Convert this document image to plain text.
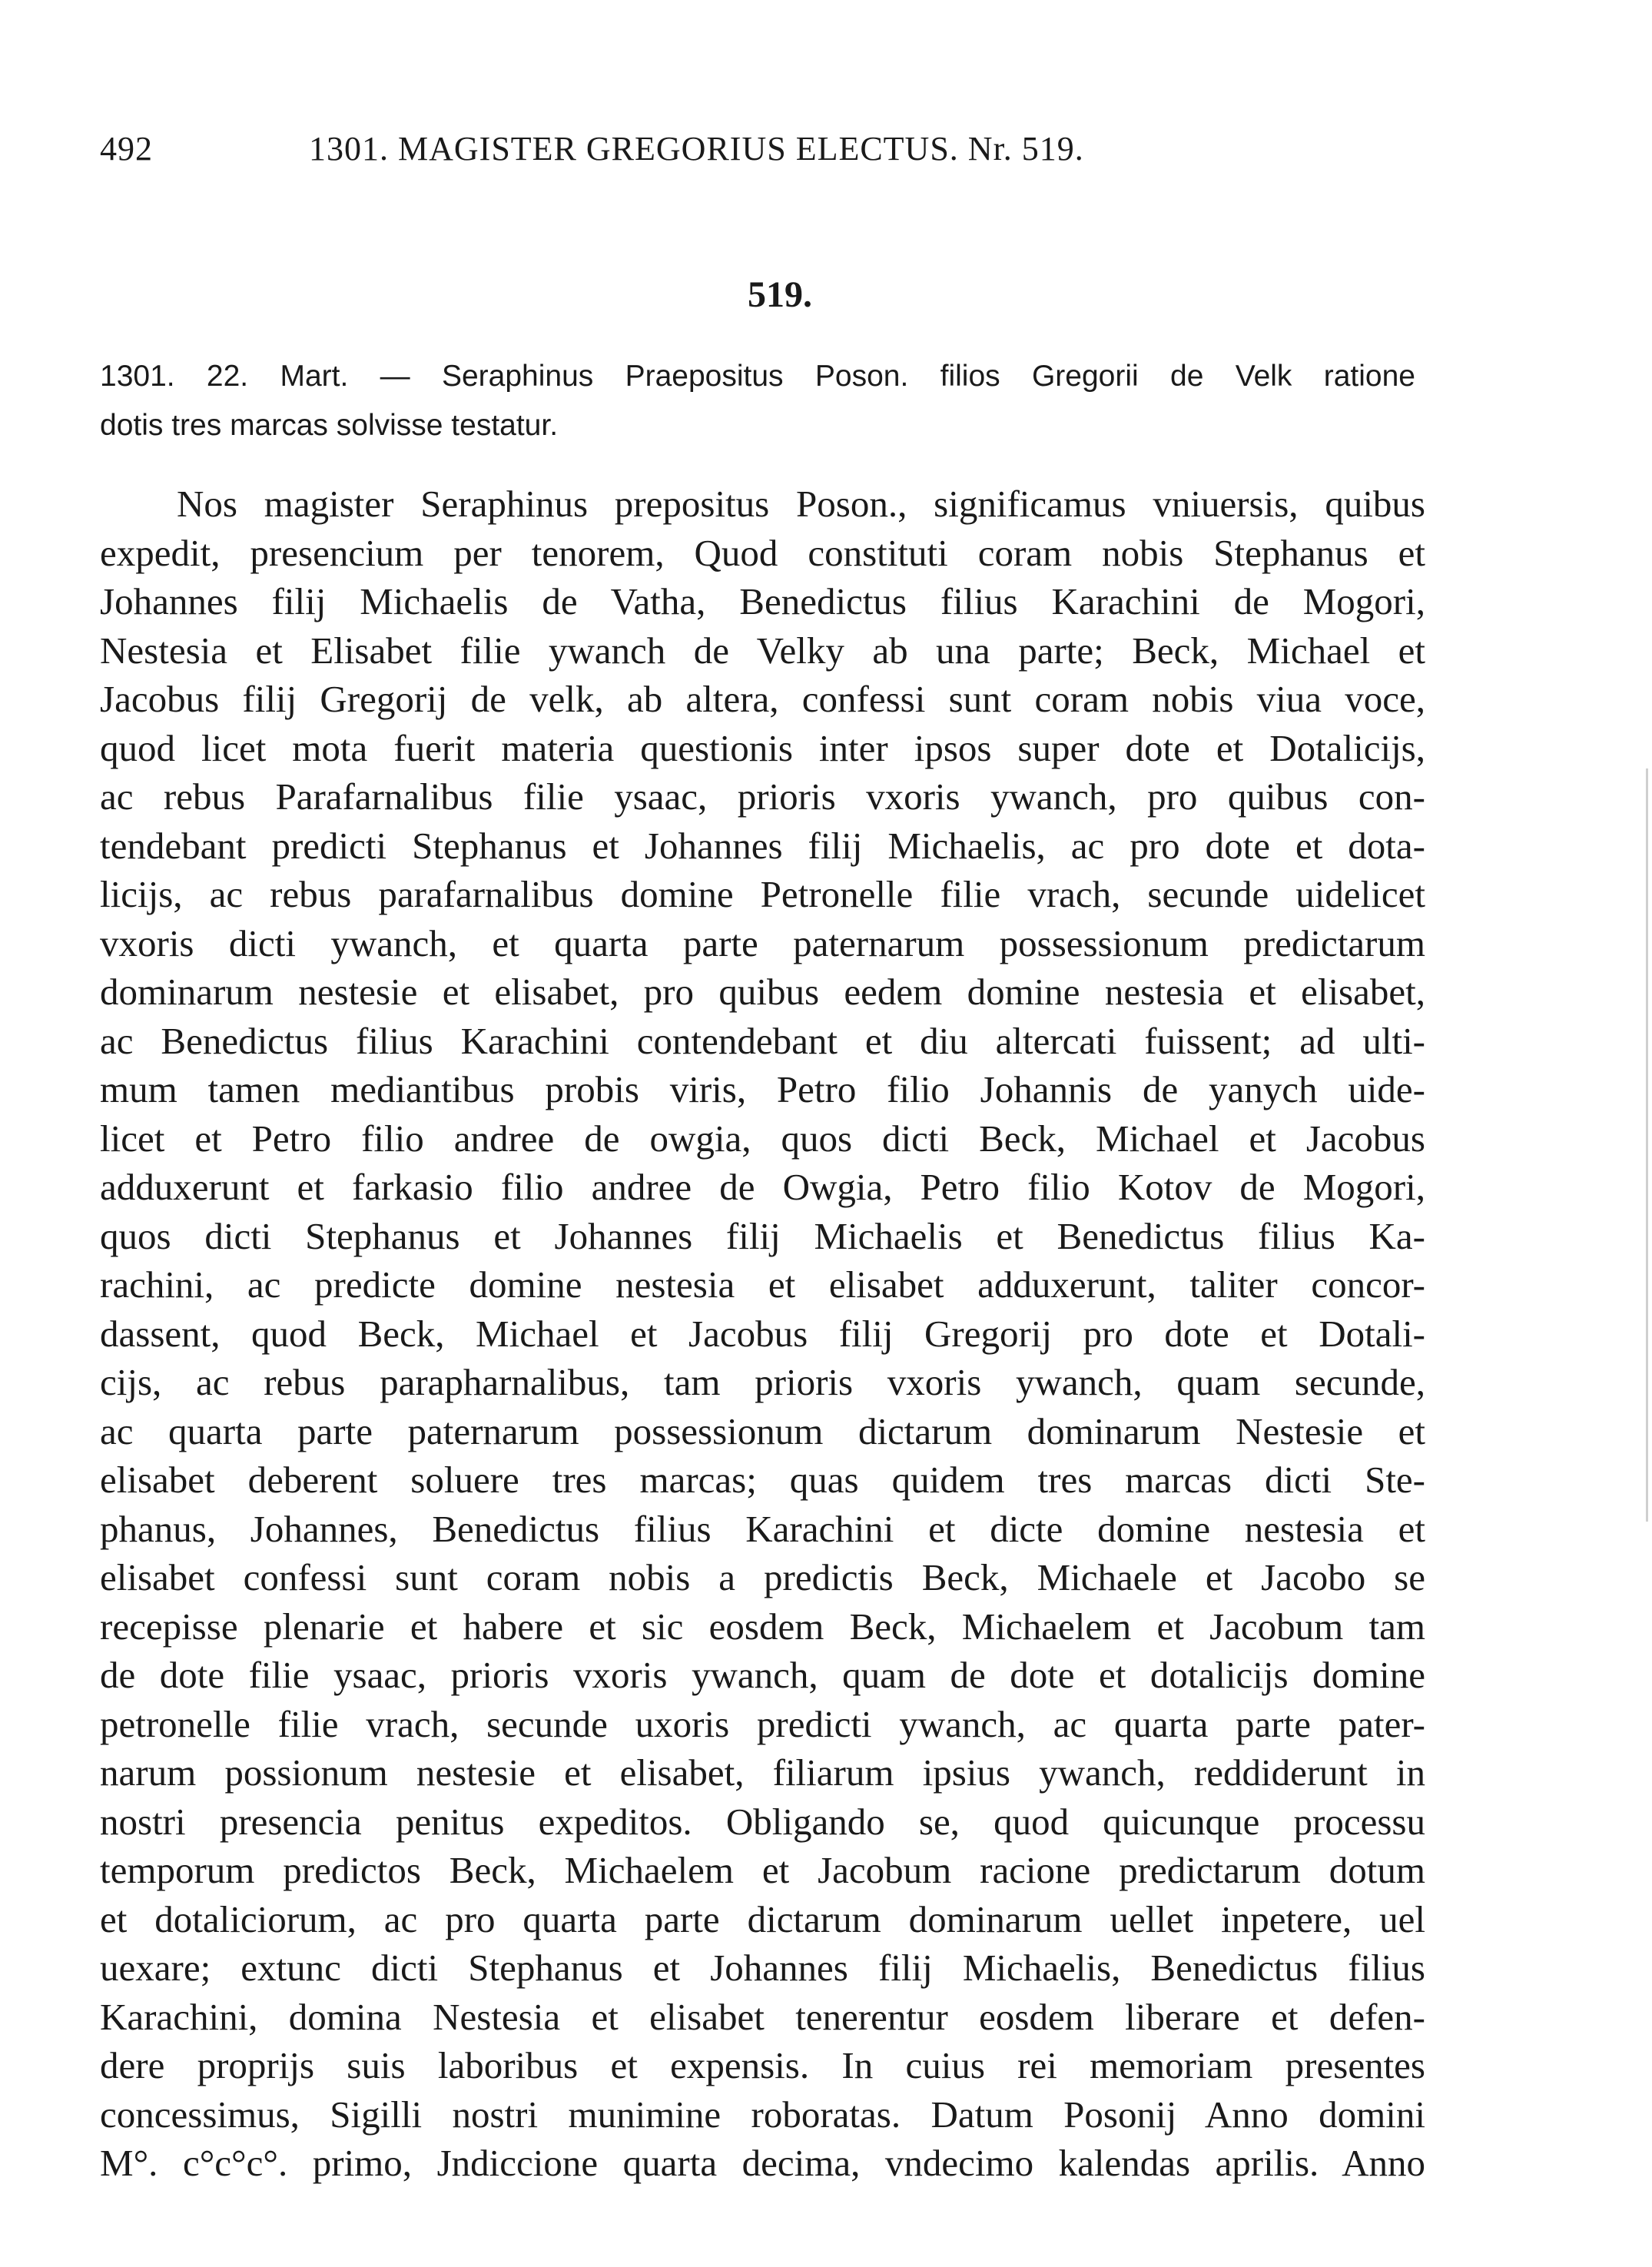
492	1301. MAGISTER GREGORIUS ELECTUS. Nr. 519.
519.
1301. 22. Mart. — Seraphinus Praepositus Poson. filios Gregorii de Velk ratione
dotis tres marcas solvisse testatur.
Nos magister Seraphinus prepositus Poson., significamus vniuersis, quibus
expedit, presencium per tenorem, Quod constituti coram nobis Stephanus et
Johannes filij Michaelis de Vatha, Benedictus filius Karachini de Mogori,
Nestesia et Elisabet filie ywanch de Velky ab una parte; Beck, Michael et
Jacobus filij Gregorij de velk, ab altera, confessi sunt coram nobis viua voce,
quod licet mota fuerit materia questionis inter ipsos super dote et Dotalicijs,
ac rebus Parafarnalibus filie ysaac, prioris vxoris ywanch, pro quibus con-
tendebant predicti Stephanus et Johannes filij Michaelis, ac pro dote et dota-
licijs, ac rebus parafarnalibus domine Petronelle filie vrach, secunde uidelicet
vxoris dicti ywanch, et quarta parte paternarum possessionum predictarum
dominarum nestesie et elisabet, pro quibus eedem domine nestesia et elisabet,
ac Benedictus filius Karachini contendebant et diu altercati fuissent; ad ulti-
mum tamen mediantibus probis viris, Petro filio Johannis de yanych uide-
licet et Petro filio andree de owgia, quos dicti Beck, Michael et Jacobus
adduxerunt et farkasio filio andree de Owgia, Petro filio Kotov de Mogori,
quos dicti Stephanus et Johannes filij Michaelis et Benedictus filius Ka-
rachini, ac predicte domine nestesia et elisabet adduxerunt, taliter concor-
dassent, quod Beck, Michael et Jacobus filij Gregorij pro dote et Dotali-
cijs, ac rebus parapharnalibus, tam prioris vxoris ywanch, quam secunde,
ac quarta parte paternarum possessionum dictarum dominarum Nestesie et
elisabet deberent soluere tres marcas; quas quidem tres marcas dicti Ste-
phanus, Johannes, Benedictus filius Karachini et dicte domine nestesia et
elisabet confessi sunt coram nobis a predictis Beck, Michaele et Jacobo se
recepisse plenarie et habere et sic eosdem Beck, Michaelem et Jacobum tam
de dote filie ysaac, prioris vxoris ywanch, quam de dote et dotalicijs domine
petronelle filie vrach, secunde uxoris predicti ywanch, ac quarta parte pater-
narum possionum nestesie et elisabet, filiarum ipsius ywanch, reddiderunt in
nostri presencia penitus expeditos. Obligando se, quod quicunque processu
temporum predictos Beck, Michaelem et Jacobum racione predictarum dotum
et dotaliciorum, ac pro quarta parte dictarum dominarum uellet inpetere, uel
uexare; extunc dicti Stephanus et Johannes filij Michaelis, Benedictus filius
Karachini, domina Nestesia et elisabet tenerentur eosdem liberare et defen-
dere proprijs suis laboribus et expensis. In cuius rei memoriam presentes
concessimus, Sigilli nostri munimine roboratas. Datum Posonij Anno domini
M°. c°c°c°. primo, Jndiccione quarta decima, vndecimo kalendas aprilis. Anno
